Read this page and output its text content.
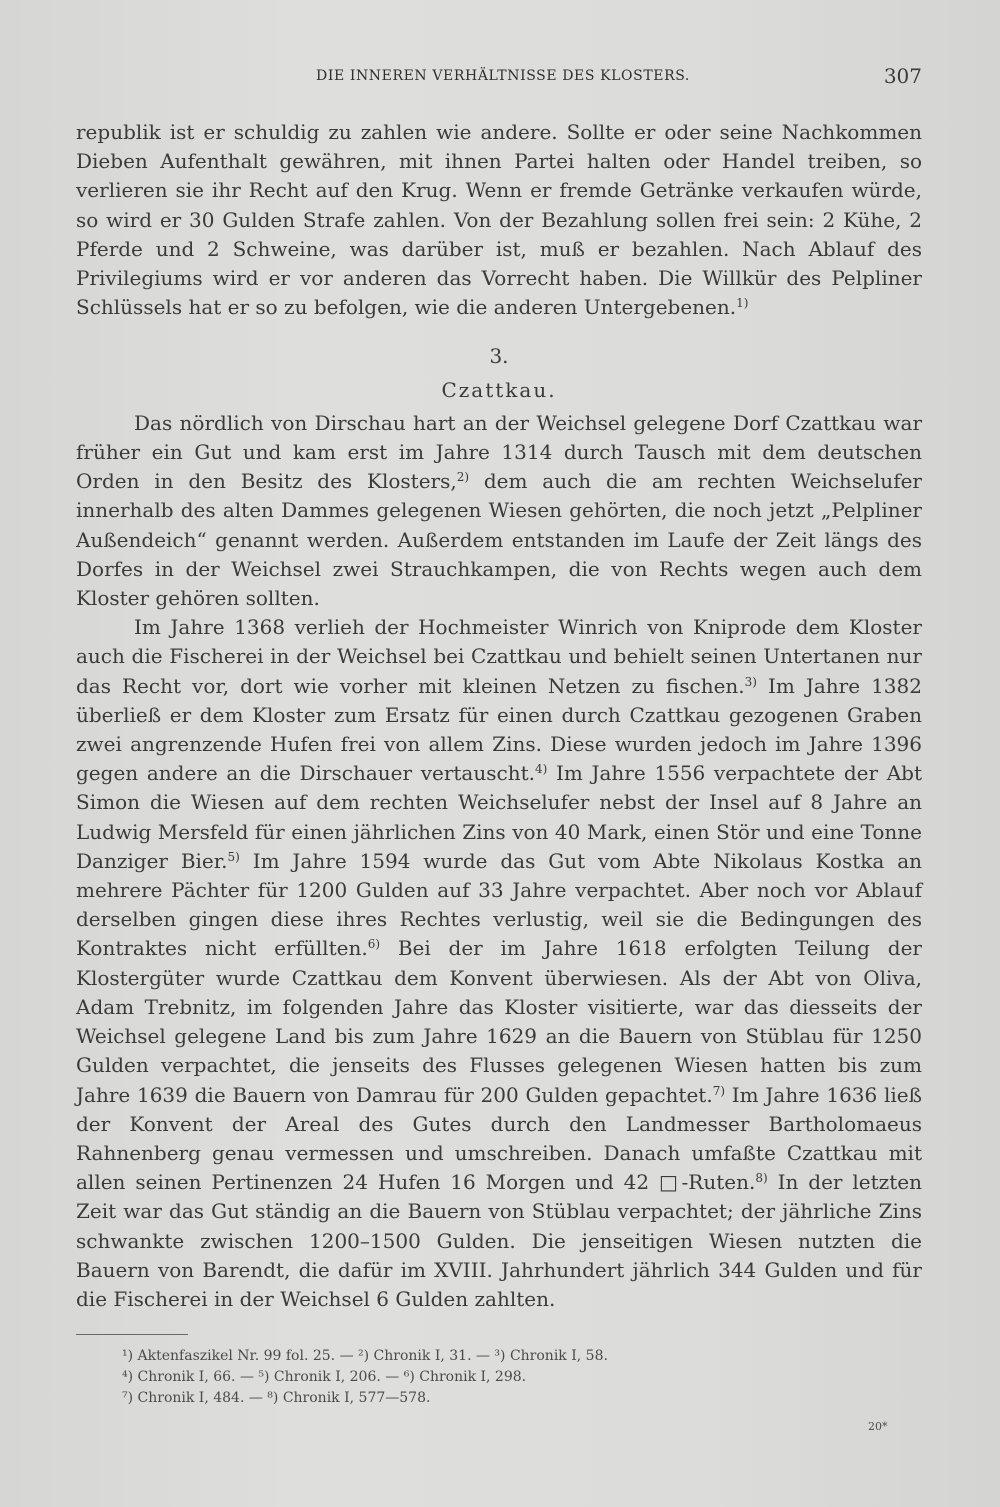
DIE INNEREN VERHÄLTNISSE DES KLOSTERS.	307

republik ist er schuldig zu zahlen wie andere. Sollte er oder seine Nachkommen Dieben Aufenthalt gewähren, mit ihnen Partei halten oder Handel treiben, so verlieren sie ihr Recht auf den Krug. Wenn er fremde Getränke verkaufen würde, so wird er 30 Gulden Strafe zahlen. Von der Bezahlung sollen frei sein: 2 Kühe, 2 Pferde und 2 Schweine, was darüber ist, muß er bezahlen. Nach Ablauf des Privilegiums wird er vor anderen das Vorrecht haben. Die Willkür des Pelpliner Schlüssels hat er so zu befolgen, wie die anderen Untergebenen.$^{1)}$

3.
Czattkau.

Das nördlich von Dirschau hart an der Weichsel gelegene Dorf Czattkau war früher ein Gut und kam erst im Jahre 1314 durch Tausch mit dem deutschen Orden in den Besitz des Klosters,$^{2)}$ dem auch die am rechten Weichselufer innerhalb des alten Dammes gelegenen Wiesen gehörten, die noch jetzt „Pelpliner Außendeich“ genannt werden. Außerdem entstanden im Laufe der Zeit längs des Dorfes in der Weichsel zwei Strauchkampen, die von Rechts wegen auch dem Kloster gehören sollten.

Im Jahre 1368 verlieh der Hochmeister Winrich von Kniprode dem Kloster auch die Fischerei in der Weichsel bei Czattkau und behielt seinen Untertanen nur das Recht vor, dort wie vorher mit kleinen Netzen zu fischen.$^{3)}$ Im Jahre 1382 überließ er dem Kloster zum Ersatz für einen durch Czattkau gezogenen Graben zwei angrenzende Hufen frei von allem Zins. Diese wurden jedoch im Jahre 1396 gegen andere an die Dirschauer vertauscht.$^{4)}$ Im Jahre 1556 verpachtete der Abt Simon die Wiesen auf dem rechten Weichselufer nebst der Insel auf 8 Jahre an Ludwig Mersfeld für einen jährlichen Zins von 40 Mark, einen Stör und eine Tonne Danziger Bier.$^{5)}$ Im Jahre 1594 wurde das Gut vom Abte Nikolaus Kostka an mehrere Pächter für 1200 Gulden auf 33 Jahre verpachtet. Aber noch vor Ablauf derselben gingen diese ihres Rechtes verlustig, weil sie die Bedingungen des Kontraktes nicht erfüllten.$^{6)}$ Bei der im Jahre 1618 erfolgten Teilung der Klostergüter wurde Czattkau dem Konvent überwiesen. Als der Abt von Oliva, Adam Trebnitz, im folgenden Jahre das Kloster visitierte, war das diesseits der Weichsel gelegene Land bis zum Jahre 1629 an die Bauern von Stüblau für 1250 Gulden verpachtet, die jenseits des Flusses gelegenen Wiesen hatten bis zum Jahre 1639 die Bauern von Damrau für 200 Gulden gepachtet.$^{7)}$ Im Jahre 1636 ließ der Konvent der Areal des Gutes durch den Landmesser Bartholomaeus Rahnenberg genau vermessen und umschreiben. Danach umfaßte Czattkau mit allen seinen Pertinenzen 24 Hufen 16 Morgen und 42 □-Ruten.$^{8)}$ In der letzten Zeit war das Gut ständig an die Bauern von Stüblau verpachtet; der jährliche Zins schwankte zwischen 1200–1500 Gulden. Die jenseitigen Wiesen nutzten die Bauern von Barendt, die dafür im XVIII. Jahrhundert jährlich 344 Gulden und für die Fischerei in der Weichsel 6 Gulden zahlten.

¹) Aktenfaszikel Nr. 99 fol. 25. — ²) Chronik I, 31. — ³) Chronik I, 58.
⁴) Chronik I, 66. — ⁵) Chronik I, 206. — ⁶) Chronik I, 298.
⁷) Chronik I, 484. — ⁸) Chronik I, 577—578.
20*
